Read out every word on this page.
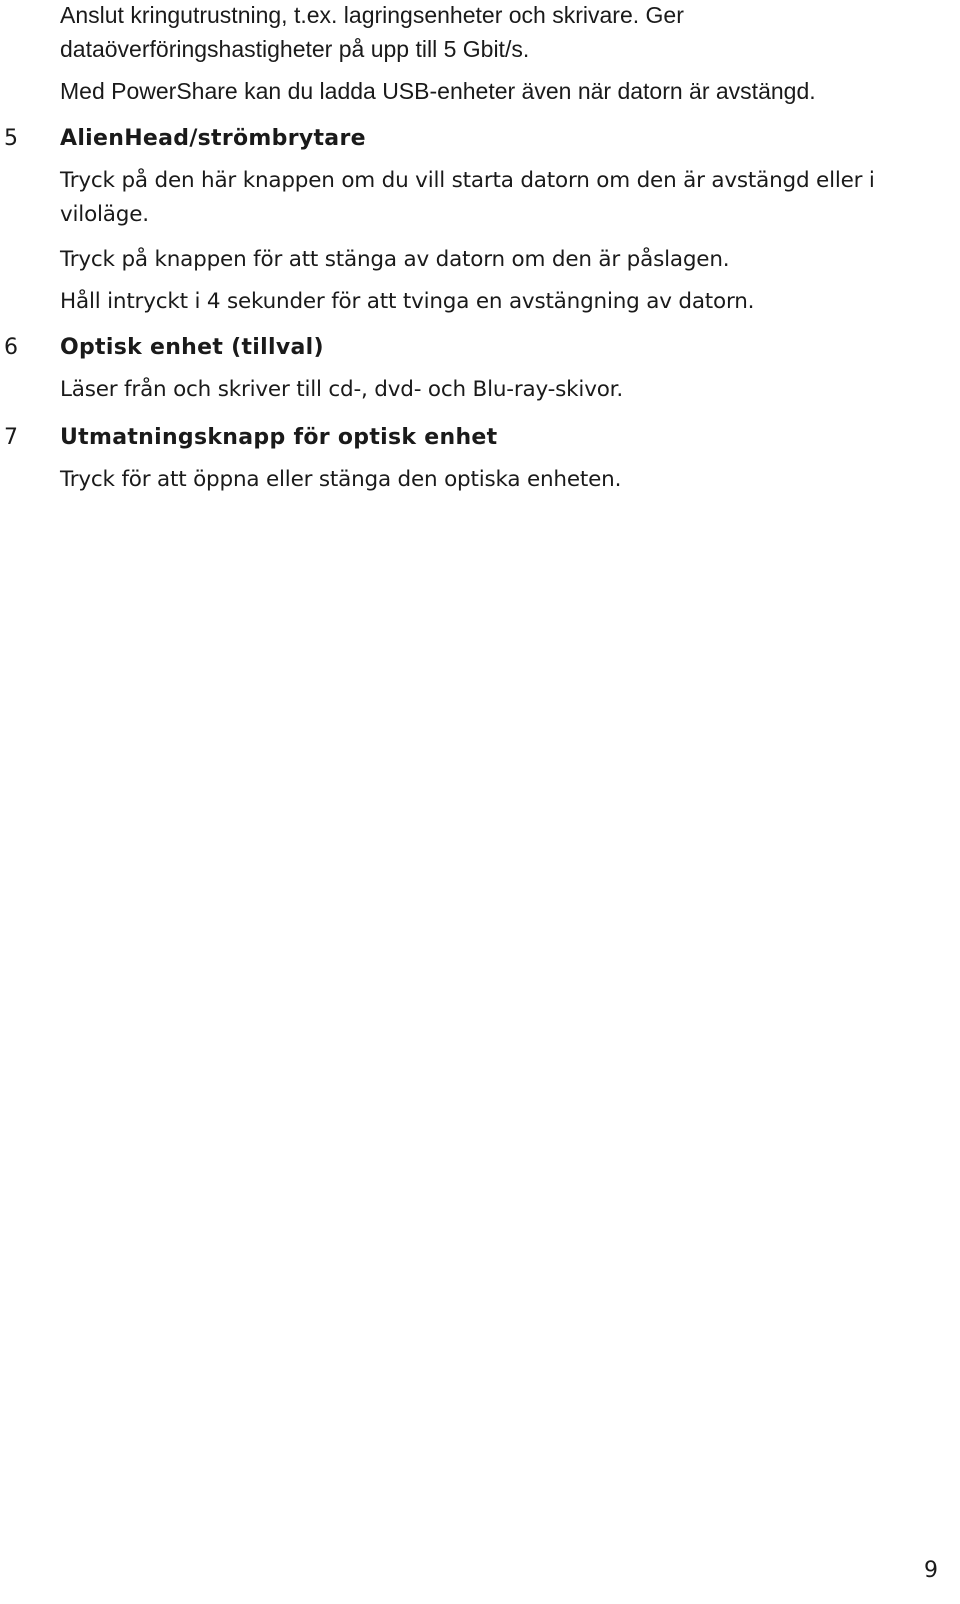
Anslut kringutrustning, t.ex. lagringsenheter och skrivare. Ger dataöverföringshastigheter på upp till 5 Gbit/s.

Med PowerShare kan du ladda USB-enheter även när datorn är avstängd.

5 AlienHead/strömbrytare

Tryck på den här knappen om du vill starta datorn om den är avstängd eller i viloläge.

Tryck på knappen för att stänga av datorn om den är påslagen.

Håll intryckt i 4 sekunder för att tvinga en avstängning av datorn.

6 Optisk enhet (tillval)

Läser från och skriver till cd-, dvd- och Blu-ray-skivor.

7 Utmatningsknapp för optisk enhet

Tryck för att öppna eller stänga den optiska enheten.

9
